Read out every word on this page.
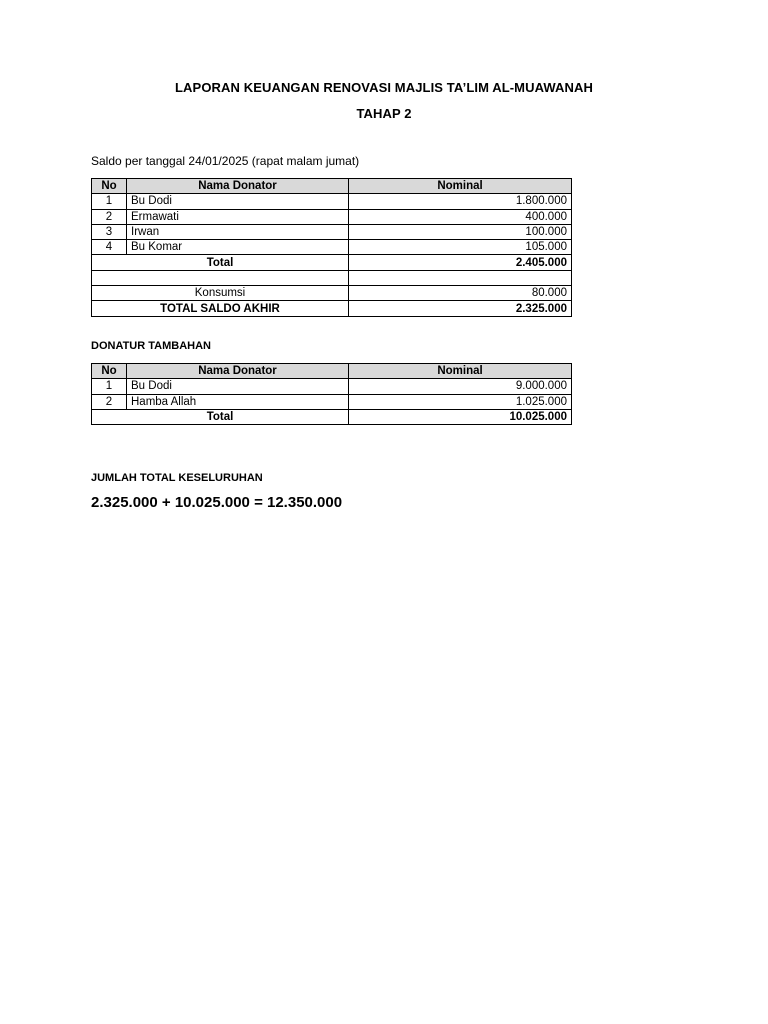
LAPORAN KEUANGAN RENOVASI MAJLIS TA’LIM AL-MUAWANAH
TAHAP 2
Saldo per tanggal 24/01/2025 (rapat malam jumat)
No	Nama Donator	Nominal
1	Bu Dodi	1.800.000
2	Ermawati	400.000
3	Irwan	100.000
4	Bu Komar	105.000
Total		2.405.000

Konsumsi		80.000
TOTAL SALDO AKHIR		2.325.000
DONATUR TAMBAHAN
No	Nama Donator	Nominal
1	Bu Dodi	9.000.000
2	Hamba Allah	1.025.000
Total		10.025.000
JUMLAH TOTAL KESELURUHAN
2.325.000 + 10.025.000 = 12.350.000
